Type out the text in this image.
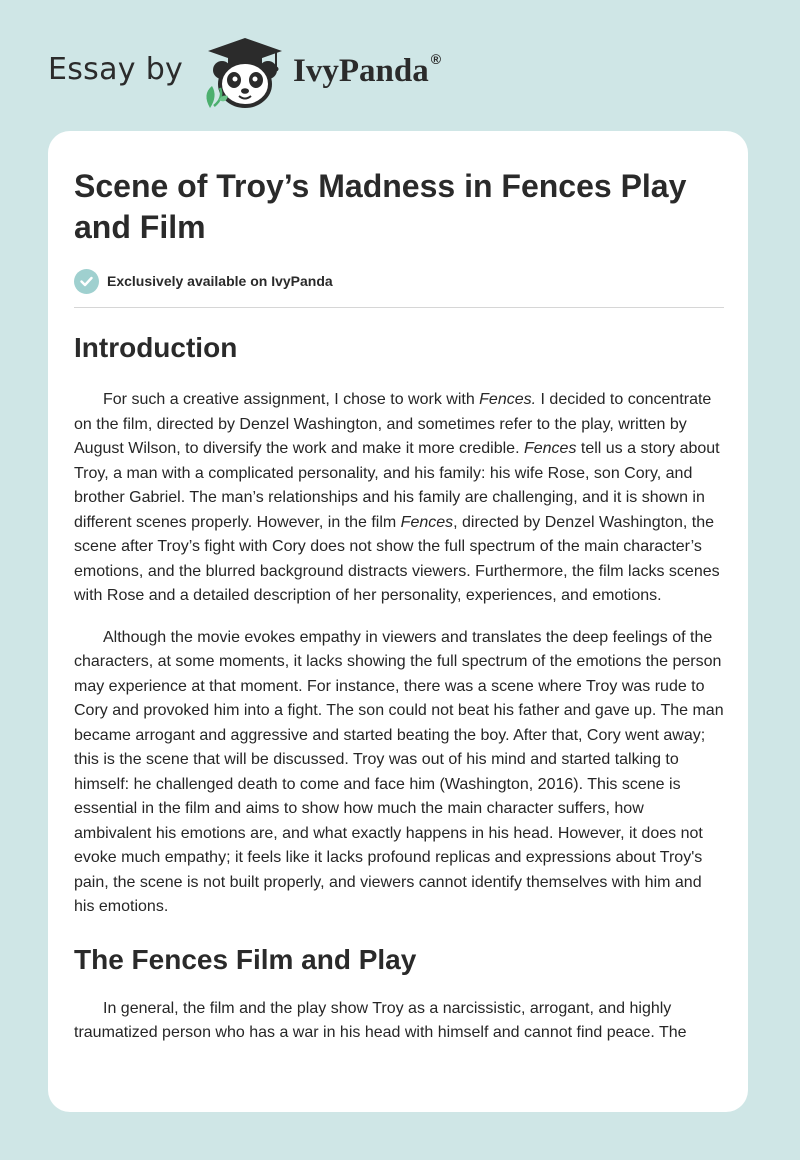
Essay by	IvyPanda ®
Scene of Troy’s Madness in Fences Play and Film
Exclusively available on IvyPanda
Introduction

For such a creative assignment, I chose to work with Fences. I decided to concentrate on the film, directed by Denzel Washington, and sometimes refer to the play, written by August Wilson, to diversify the work and make it more credible. Fences tell us a story about Troy, a man with a complicated personality, and his family: his wife Rose, son Cory, and brother Gabriel. The man’s relationships and his family are challenging, and it is shown in different scenes properly. However, in the film Fences, directed by Denzel Washington, the scene after Troy’s fight with Cory does not show the full spectrum of the main character’s emotions, and the blurred background distracts viewers. Furthermore, the film lacks scenes with Rose and a detailed description of her personality, experiences, and emotions.

Although the movie evokes empathy in viewers and translates the deep feelings of the characters, at some moments, it lacks showing the full spectrum of the emotions the person may experience at that moment. For instance, there was a scene where Troy was rude to Cory and provoked him into a fight. The son could not beat his father and gave up. The man became arrogant and aggressive and started beating the boy. After that, Cory went away; this is the scene that will be discussed. Troy was out of his mind and started talking to himself: he challenged death to come and face him (Washington, 2016). This scene is essential in the film and aims to show how much the main character suffers, how ambivalent his emotions are, and what exactly happens in his head. However, it does not evoke much empathy; it feels like it lacks profound replicas and expressions about Troy's pain, the scene is not built properly, and viewers cannot identify themselves with him and his emotions.

The Fences Film and Play

In general, the film and the play show Troy as a narcissistic, arrogant, and highly traumatized person who has a war in his head with himself and cannot find peace. The
